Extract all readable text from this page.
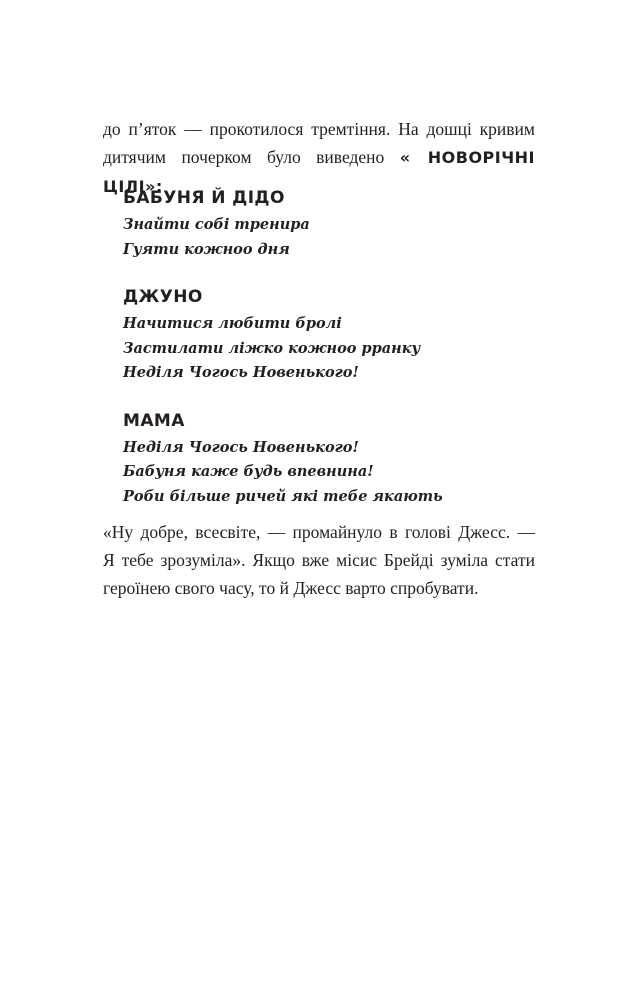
до п’яток — прокотилося тремтіння. На дошці кривим
дитячим почерком було виведено « НОВОРІЧНІ ЦІЛІ»:
БАБУНЯ Й ДІДО
Знайти собі тренира
Гуяти кожноо дня
ДЖУНО
Начитися любити бролі
Застилати ліжко кожноо рранку
Неділя Чогось Новенького!
МАМА
Неділя Чогось Новенького!
Бабуня каже будь впевнина!
Роби більше ричей які тебе якають
«Ну добре, всесвіте, — промайнуло в голові Джесс. —
Я тебе зрозуміла». Якщо вже місис Брейді зуміла стати
героїнею свого часу, то й Джесс варто спробувати.
